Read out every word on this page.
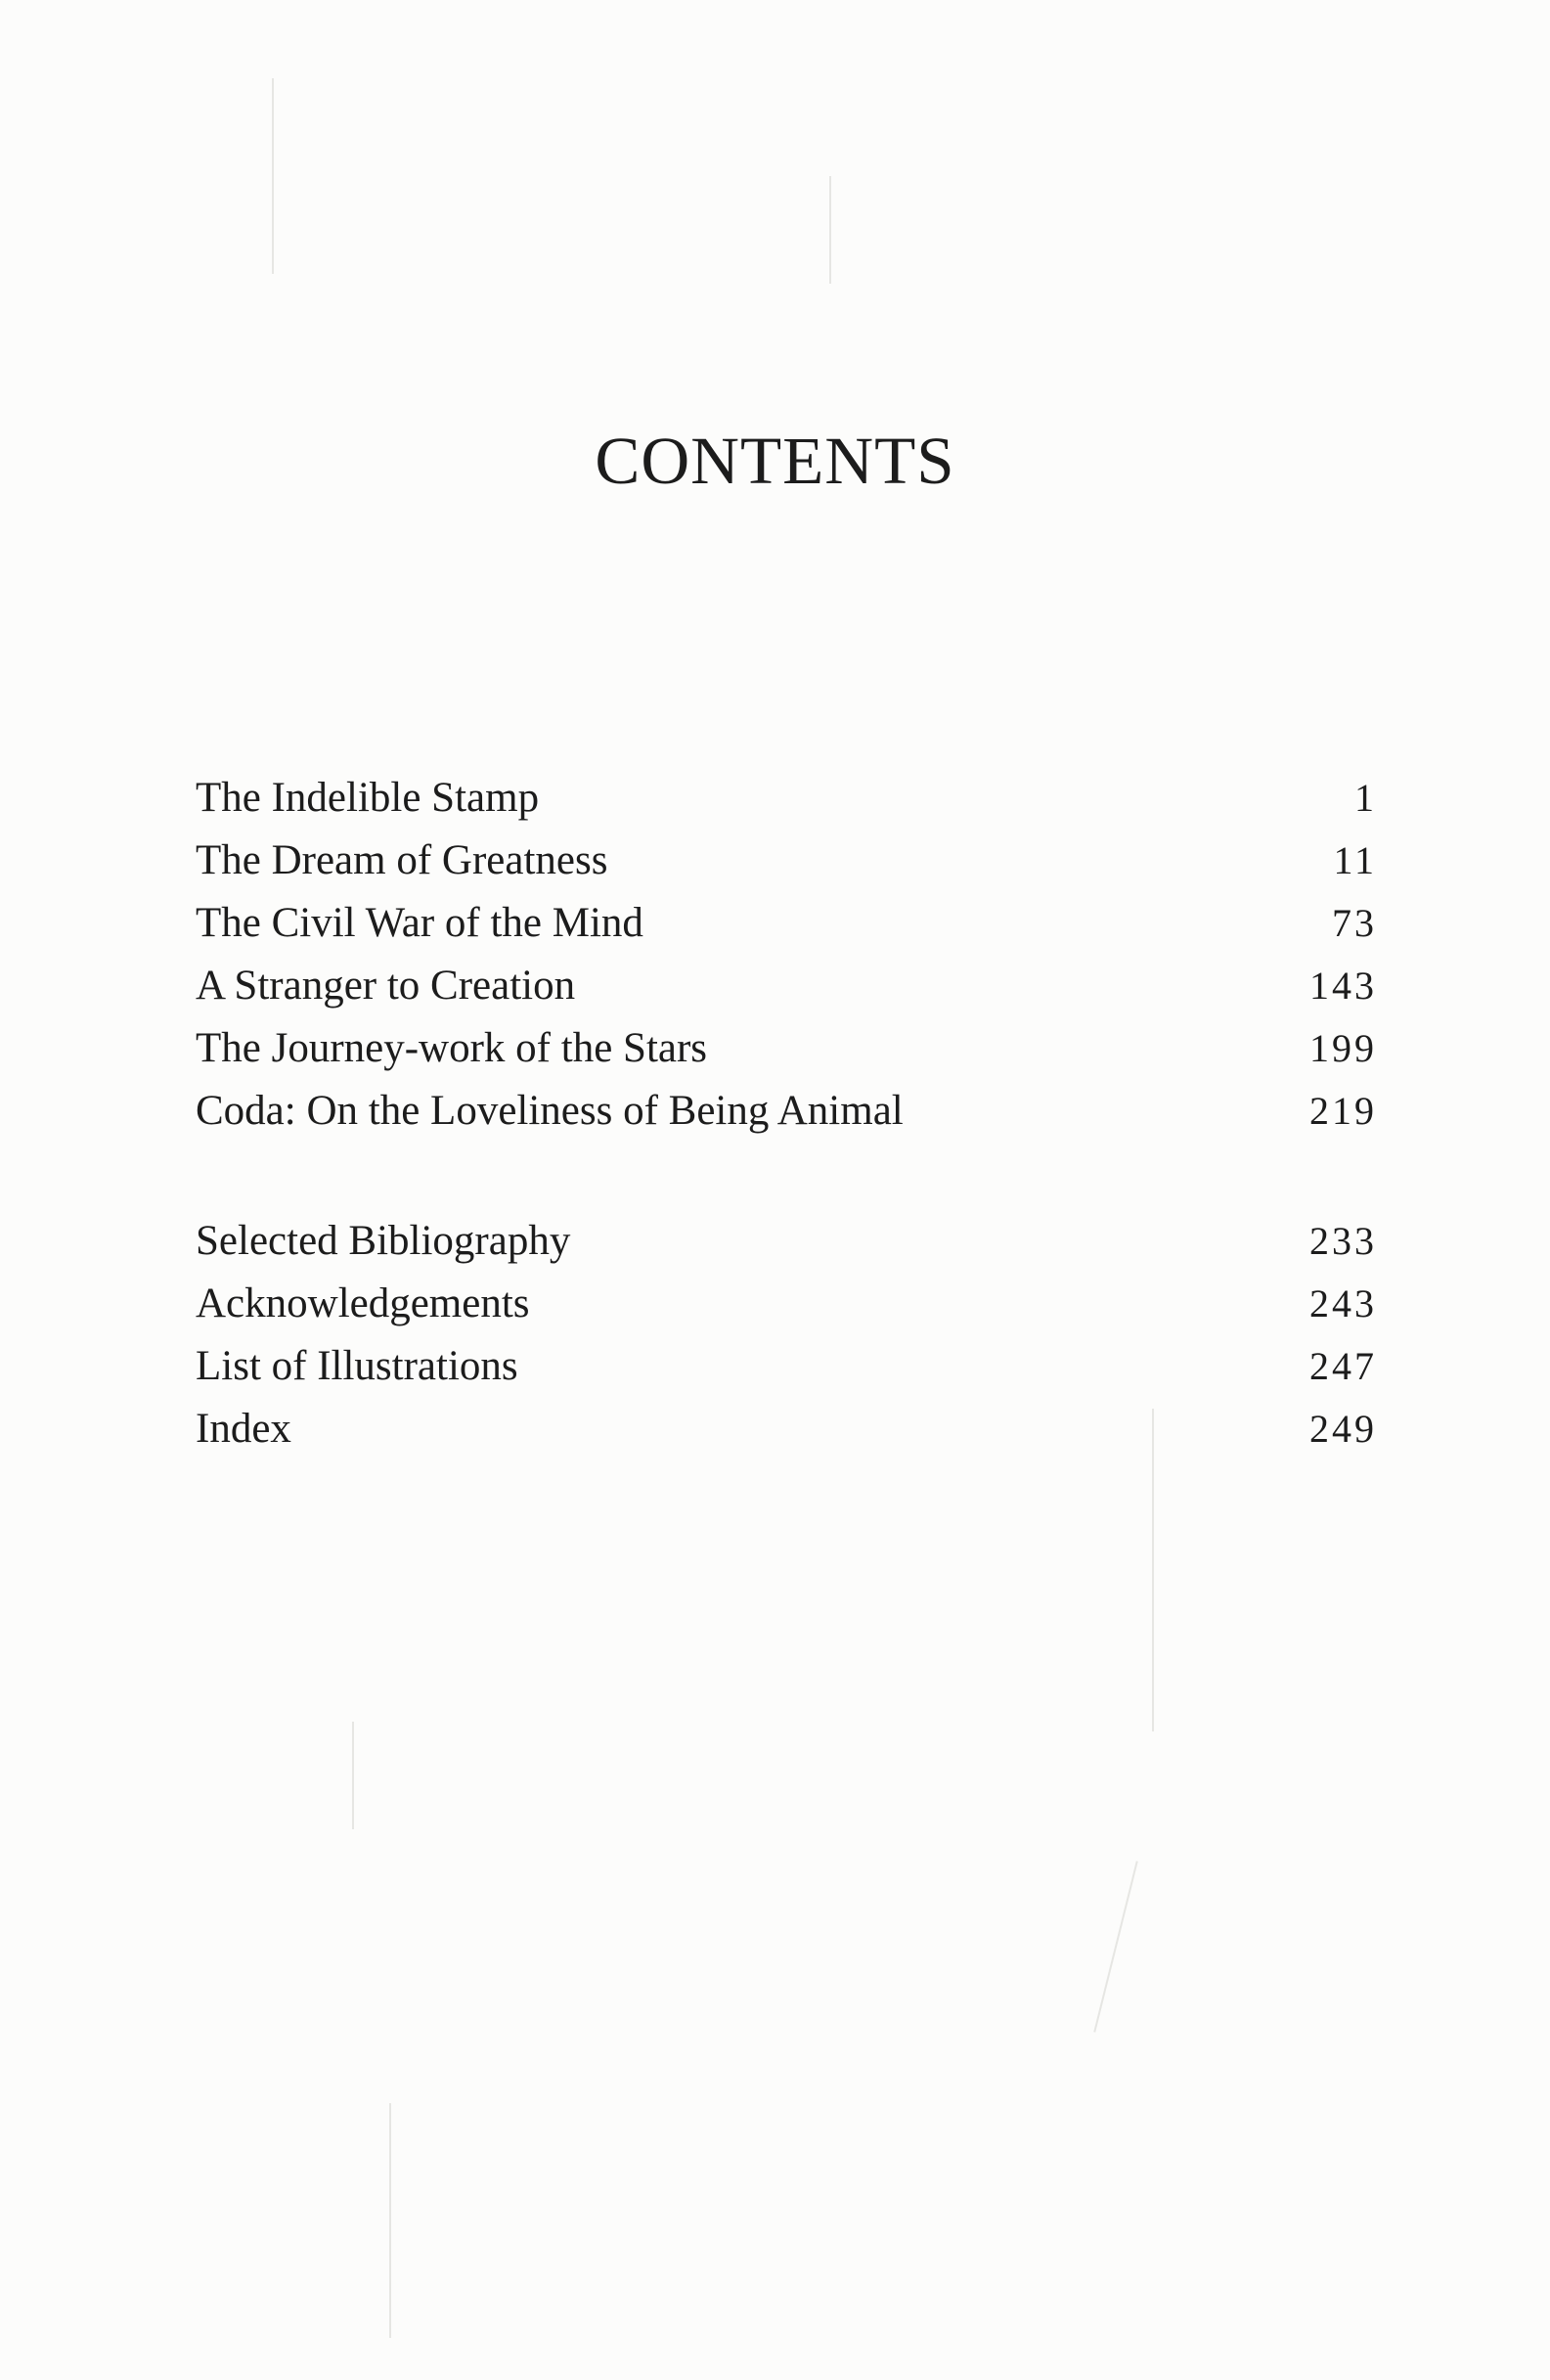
CONTENTS
The Indelible Stamp	1
The Dream of Greatness	11
The Civil War of the Mind	73
A Stranger to Creation	143
The Journey-work of the Stars	199
Coda: On the Loveliness of Being Animal	219
Selected Bibliography	233
Acknowledgements	243
List of Illustrations	247
Index	249
